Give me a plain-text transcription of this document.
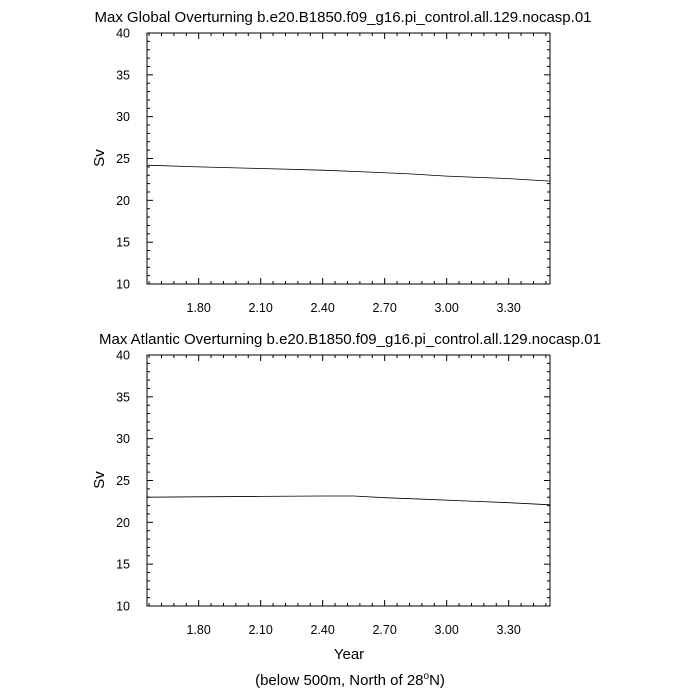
Max Global Overturning b.e20.B1850.f09_g16.pi_control.all.129.nocasp.01
10
15
20
25
30
35
40
1.80	2.10	2.40	2.70	3.00	3.30
Sv
Max Atlantic Overturning b.e20.B1850.f09_g16.pi_control.all.129.nocasp.01
10
15
20
25
30
35
40
1.80	2.10	2.40	2.70	3.00	3.30
Sv
Year
(below 500m, North of 28$^o$N)
